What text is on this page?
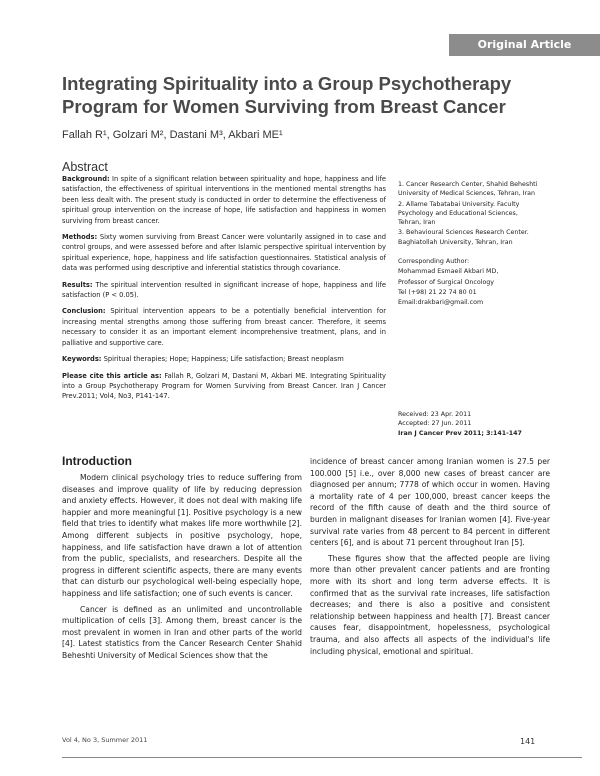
Original Article
Integrating Spirituality into a Group Psychotherapy
Program for Women Surviving from Breast Cancer
Fallah R¹, Golzari M², Dastani M³, Akbari ME¹
Abstract

Background: In spite of a significant relation between spirituality and hope, happiness and life satisfaction, the effectiveness of spiritual interventions in the mentioned mental strengths has been less dealt with. The present study is conducted in order to determine the effectiveness of spiritual group intervention on the increase of hope, life satisfaction and happiness in women surviving from breast cancer.

Methods: Sixty women surviving from Breast Cancer were voluntarily assigned in to case and control groups, and were assessed before and after Islamic perspective spiritual intervention by spiritual experience, hope, happiness and life satisfaction questionnaires. Statistical analysis of data was performed using descriptive and inferential statistics through covariance.

Results: The spiritual intervention resulted in significant increase of hope, happiness and life satisfaction (P < 0.05).

Conclusion: Spiritual intervention appears to be a potentially beneficial intervention for increasing mental strengths among those suffering from breast cancer. Therefore, it seems necessary to consider it as an important element incomprehensive treatment, plans, and in palliative and supportive care.

Keywords: Spiritual therapies; Hope; Happiness; Life satisfaction; Breast neoplasm

Please cite this article as: Fallah R, Golzari M, Dastani M, Akbari ME. Integrating Spirituality into a Group Psychotherapy Program for Women Surviving from Breast Cancer. Iran J Cancer Prev.2011; Vol4, No3, P141-147.

1. Cancer Research Center, Shahid Beheshti University of Medical Sciences, Tehran, Iran

2. Allame Tabatabai University. Faculty Psychology and Educational Sciences, Tehran, Iran

3. Behavioural Sciences Research Center. Baghiatollah University, Tehran, Iran

Corresponding Author:

Mohammad Esmaeil Akbari MD,

Professor of Surgical Oncology

Tel (+98) 21 22 74 80 01

Email:drakbari@gmail.com

Received: 23 Apr. 2011

Accepted: 27 Jun. 2011

Iran J Cancer Prev 2011; 3:141-147

Introduction

Modern clinical psychology tries to reduce suffering from diseases and improve quality of life by reducing depression and anxiety effects. However, it does not deal with making life happier and more meaningful [1]. Positive psychology is a new field that tries to identify what makes life more worthwhile [2]. Among different subjects in positive psychology, hope, happiness, and life satisfaction have drawn a lot of attention from the public, specialists, and researchers. Despite all the progress in different scientific aspects, there are many events that can disturb our psychological well-being especially hope, happiness and life satisfaction; one of such events is cancer.

Cancer is defined as an unlimited and uncontrollable multiplication of cells [3]. Among them, breast cancer is the most prevalent in women in Iran and other parts of the world [4]. Latest statistics from the Cancer Research Center Shahid Beheshti University of Medical Sciences show that the

incidence of breast cancer among Iranian women is 27.5 per 100.000 [5] i.e., over 8,000 new cases of breast cancer are diagnosed per annum; 7778 of which occur in women. Having a mortality rate of 4 per 100,000, breast cancer keeps the record of the fifth cause of death and the third source of burden in malignant diseases for Iranian women [4]. Five-year survival rate varies from 48 percent to 84 percent in different centers [6], and is about 71 percent throughout Iran [5].

These figures show that the affected people are living more than other prevalent cancer patients and are fronting more with its short and long term adverse effects. It is confirmed that as the survival rate increases, life satisfaction decreases; and there is also a positive and consistent relationship between happiness and health [7]. Breast cancer causes fear, disappointment, hopelessness, psychological trauma, and also affects all aspects of the individual's life including physical, emotional and spiritual.

Vol 4, No 3, Summer 2011	141
